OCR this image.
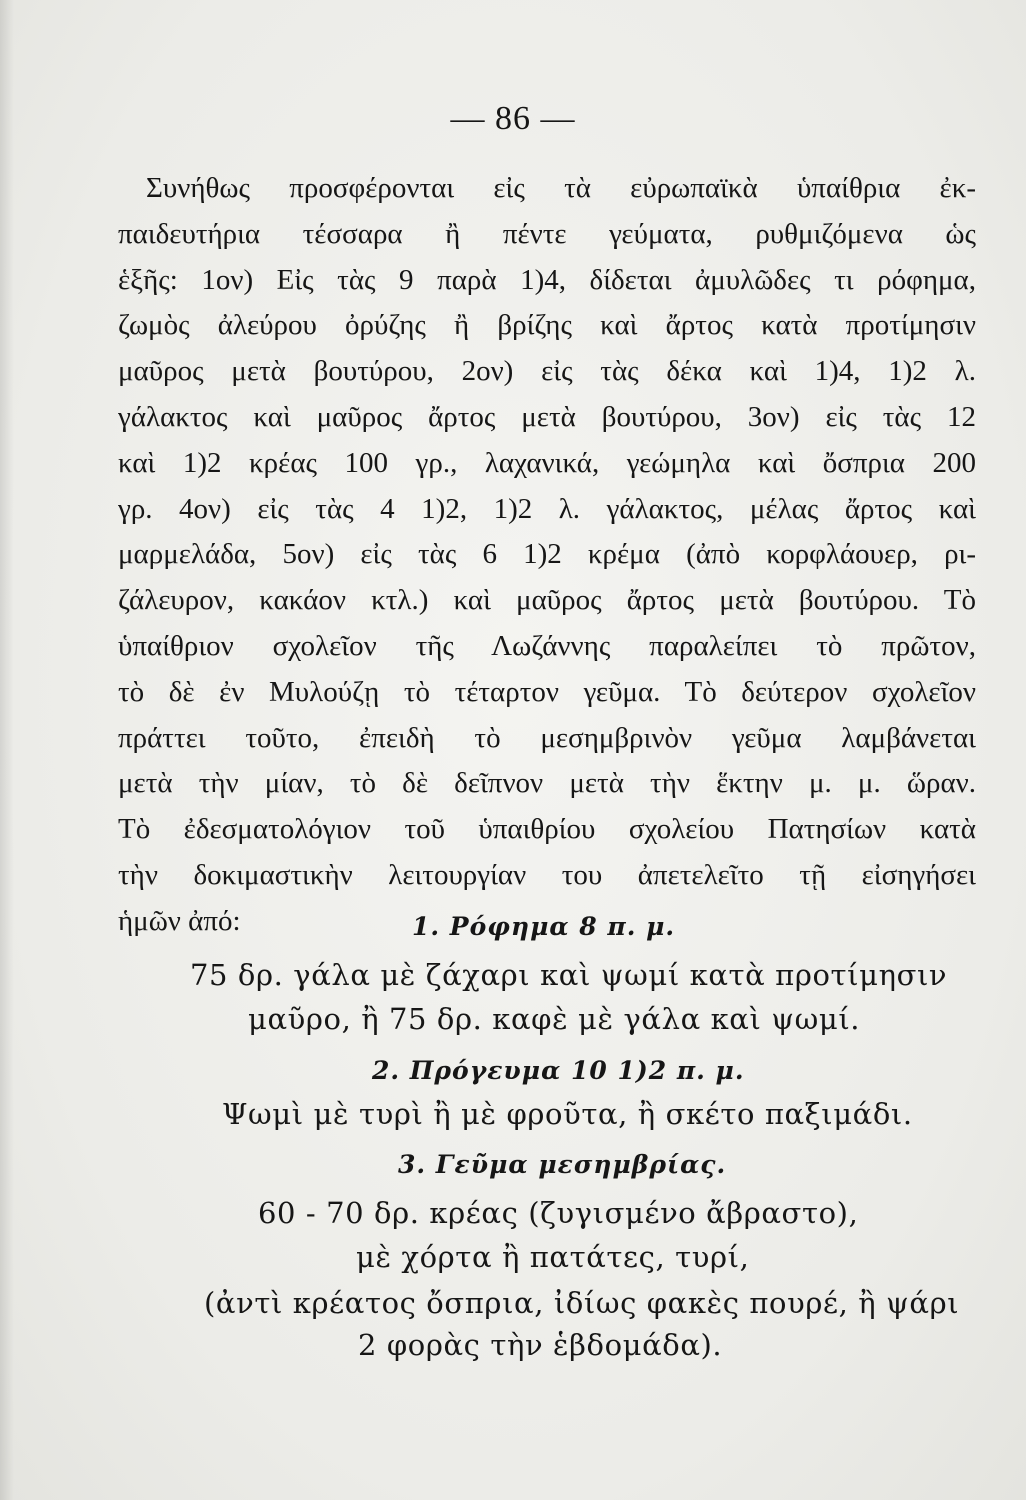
— 86 —
Συνήθως προσφέρονται εἰς τὰ εὐρωπαϊκὰ ὑπαίθρια ἐκ-
παιδευτήρια τέσσαρα ἢ πέντε γεύματα, ρυθμιζόμενα ὡς
ἑξῆς: 1ον) Εἰς τὰς 9 παρὰ 1)4, δίδεται ἀμυλῶδες τι ρόφημα,
ζωμὸς ἀλεύρου ὀρύζης ἢ βρίζης καὶ ἄρτος κατὰ προτίμησιν
μαῦρος μετὰ βουτύρου, 2ον) εἰς τὰς δέκα καὶ 1)4, 1)2 λ.
γάλακτος καὶ μαῦρος ἄρτος μετὰ βουτύρου, 3ον) εἰς τὰς 12
καὶ 1)2 κρέας 100 γρ., λαχανικά, γεώμηλα καὶ ὄσπρια 200
γρ. 4ον) εἰς τὰς 4 1)2, 1)2 λ. γάλακτος, μέλας ἄρτος καὶ
μαρμελάδα, 5ον) εἰς τὰς 6 1)2 κρέμα (ἀπὸ κορφλάουερ, ρι-
ζάλευρον, κακάον κτλ.) καὶ μαῦρος ἄρτος μετὰ βουτύρου. Τὸ
ὑπαίθριον σχολεῖον τῆς Λωζάννης παραλείπει τὸ πρῶτον,
τὸ δὲ ἐν Μυλούζῃ τὸ τέταρτον γεῦμα. Τὸ δεύτερον σχολεῖον
πράττει τοῦτο, ἐπειδὴ τὸ μεσημβρινὸν γεῦμα λαμβάνεται
μετὰ τὴν μίαν, τὸ δὲ δεῖπνον μετὰ τὴν ἕκτην μ. μ. ὥραν.
Τὸ ἐδεσματολόγιον τοῦ ὑπαιθρίου σχολείου Πατησίων κατὰ
τὴν δοκιμαστικὴν λειτουργίαν του ἀπετελεῖτο τῇ εἰσηγήσει
ἡμῶν ἀπό:	1. Ρόφημα 8 π. μ.
75 δρ. γάλα μὲ ζάχαρι καὶ ψωμί κατὰ προτίμησιν
μαῦρο, ἢ 75 δρ. καφὲ μὲ γάλα καὶ ψωμί.
2. Πρόγευμα 10 1)2 π. μ.
Ψωμὶ μὲ τυρὶ ἢ μὲ φροῦτα, ἢ σκέτο παξιμάδι.
3. Γεῦμα μεσημβρίας.
60 - 70 δρ. κρέας (ζυγισμένο ἄβραστο),
μὲ χόρτα ἢ πατάτες, τυρί,
(ἀντὶ κρέατος ὄσπρια, ἰδίως φακὲς πουρέ, ἢ ψάρι
2 φορὰς τὴν ἑβδομάδα).
